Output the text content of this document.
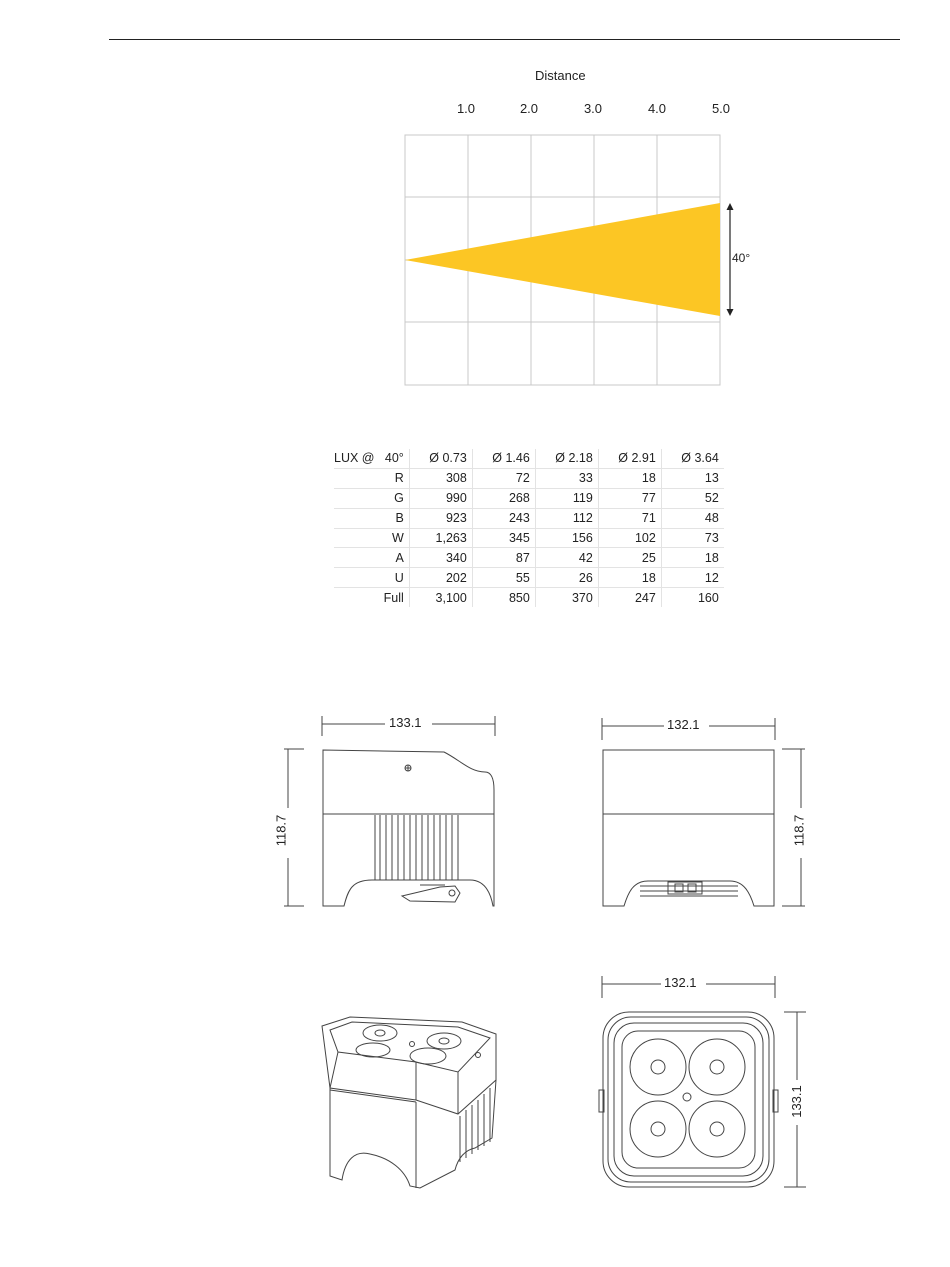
Distance
1.0	2.0	3.0	4.0	5.0
40°
LUX @   40°	Ø 0.73	Ø 1.46	Ø 2.18	Ø 2.91	Ø 3.64
R	308	72	33	18	13
G	990	268	119	77	52
B	923	243	112	71	48
W	1,263	345	156	102	73
A	340	87	42	25	18
U	202	55	26	18	12
Full	3,100	850	370	247	160
133.1
118.7
132.1
118.7
132.1
133.1
